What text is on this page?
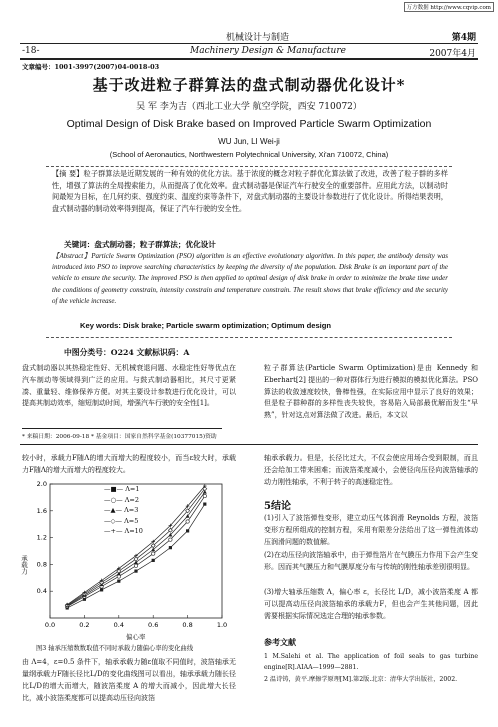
万方数据 http://www.cqvip.com
机械设计与制造	第4期
-18-	Machinery Design & Manufacture	2007年4月
文章编号：1001-3997(2007)04-0018-03
基于改进粒子群算法的盘式制动器优化设计*
吴 军 李为吉（西北工业大学 航空学院，西安 710072）
Optimal Design of Disk Brake based on Improved Particle Swarm Optimization
WU Jun, LI Wei-ji
(School of Aeronautics, Northwestern Polytechnical University, Xi'an 710072, China)
【摘 要】粒子群算法是近期发展的一种有效的优化方法。基于浓度的概念对粒子群优化算法做了改进，改善了粒子群的多样性，增强了算法的全局搜索能力，从而提高了优化效率。盘式制动器是保证汽车行驶安全的重要部件。应用此方法，以制动时间最短为目标，在几何约束、强度约束、温度约束等条件下，对盘式制动器的主要设计参数进行了优化设计。所得结果表明，盘式制动器的制动效率得到提高，保证了汽车行驶的安全性。
关键词：盘式制动器；粒子群算法；优化设计
【Abstract】Particle Swarm Optimization (PSO) algorithm is an effective evolutionary algorithm. In this paper, the antibody density was introduced into PSO to improve searching characteristics by keeping the diversity of the population. Disk Brake is an important part of the vehicle to ensure the security. The improved PSO is then applied to optimal design of disk brake in order to minimize the brake time under the conditions of geometry constrain, intensity constrain and temperature constrain. The result shows that brake efficiency and the security of the vehicle increase.
Key words: Disk brake; Particle swarm optimization; Optimum design
中图分类号：O224 文献标识码：A
盘式制动器以其热稳定性好、无机械衰退问题、水稳定性好等优点在汽车制动等领域得到广泛的应用。与鼓式制动器相比，其尺寸更紧凑、重量轻、维修保养方便。对其主要设计参数进行优化设计，可以提高其制动效率，缩短制动时间，增强汽车行驶的安全性[1]。
粒子群算法(Particle Swarm Optimization)是由 Kennedy 和 Eberhart[2] 提出的一种对群体行为进行模拟的模拟优化算法。PSO 算法的收敛速度较快，鲁棒性强，在实际应用中显示了良好的效果；但是粒子群种群的多样性丧失较快，容易陷入局部最优解而发生“早熟”，针对这点对算法做了改进。最后，本文以
* 来稿日期：2006-09-18 * 基金项目：国家自然科学基金(10377015)资助
较小时，承载力F随Λ的增大而增大的程度较小，而当ε较大时，承载力F随Λ的增大而增大的程度较大。
0.0	0.2	0.4	0.6	0.8	1.0
0.4
0.8
1.2
1.6
2.0
—■— Λ=1
—○— Λ=2
—▲— Λ=3
—◇— Λ=5
—+— Λ=10
承载力
偏心率
图3 轴承压缩数数取值不同时承载力随偏心率的变化曲线
由 Λ=4，ε=0.5 条件下，轴承承载力随ε值取不同值时，波箔轴承无量纲承载力F随长径比L/D的变化曲线图可以看出，轴承承载力随长径比L/D的增大而增大，随波箔柔度 A 的增大而减小，因此增大长径比，减小波箔柔度都可以提高动压径向波箔
轴承承载力。但是，长径比过大，不仅会使应用场合受到限制，而且还会给加工带来困难；而波箔柔度减小，会使径向压径向波箔轴承的动力刚性轴承，不利于转子的高速稳定性。
5结论
(1)引入了波箔弹性变形，建立动压气体润滑 Reynolds 方程，波箔变形方程所组成的控制方程，采用有限差分法给出了这一弹性流体动压润滑问题的数值解。
(2)在动压径向波箔轴承中，由于弹性箔片在气膜压力作用下会产生变形。因而其气膜压力和气膜厚度分布与传统的刚性轴承差别很明显。
(3)增大轴承压缩数 Λ，偏心率 ε，长径比 L/D，减小波箔柔度 A 都可以提高动压径向波箔轴承的承载力F，但也会产生其他问题，因此需要根据实际情况选定合理的轴承参数。
参考文献
1 M.Salehi et al. The application of foil seals to gas turbine engine[R].AIAA—1999—2881.
2 温诗铸，黄平.摩擦学原理[M].第2版.北京：清华大学出版社，2002.
